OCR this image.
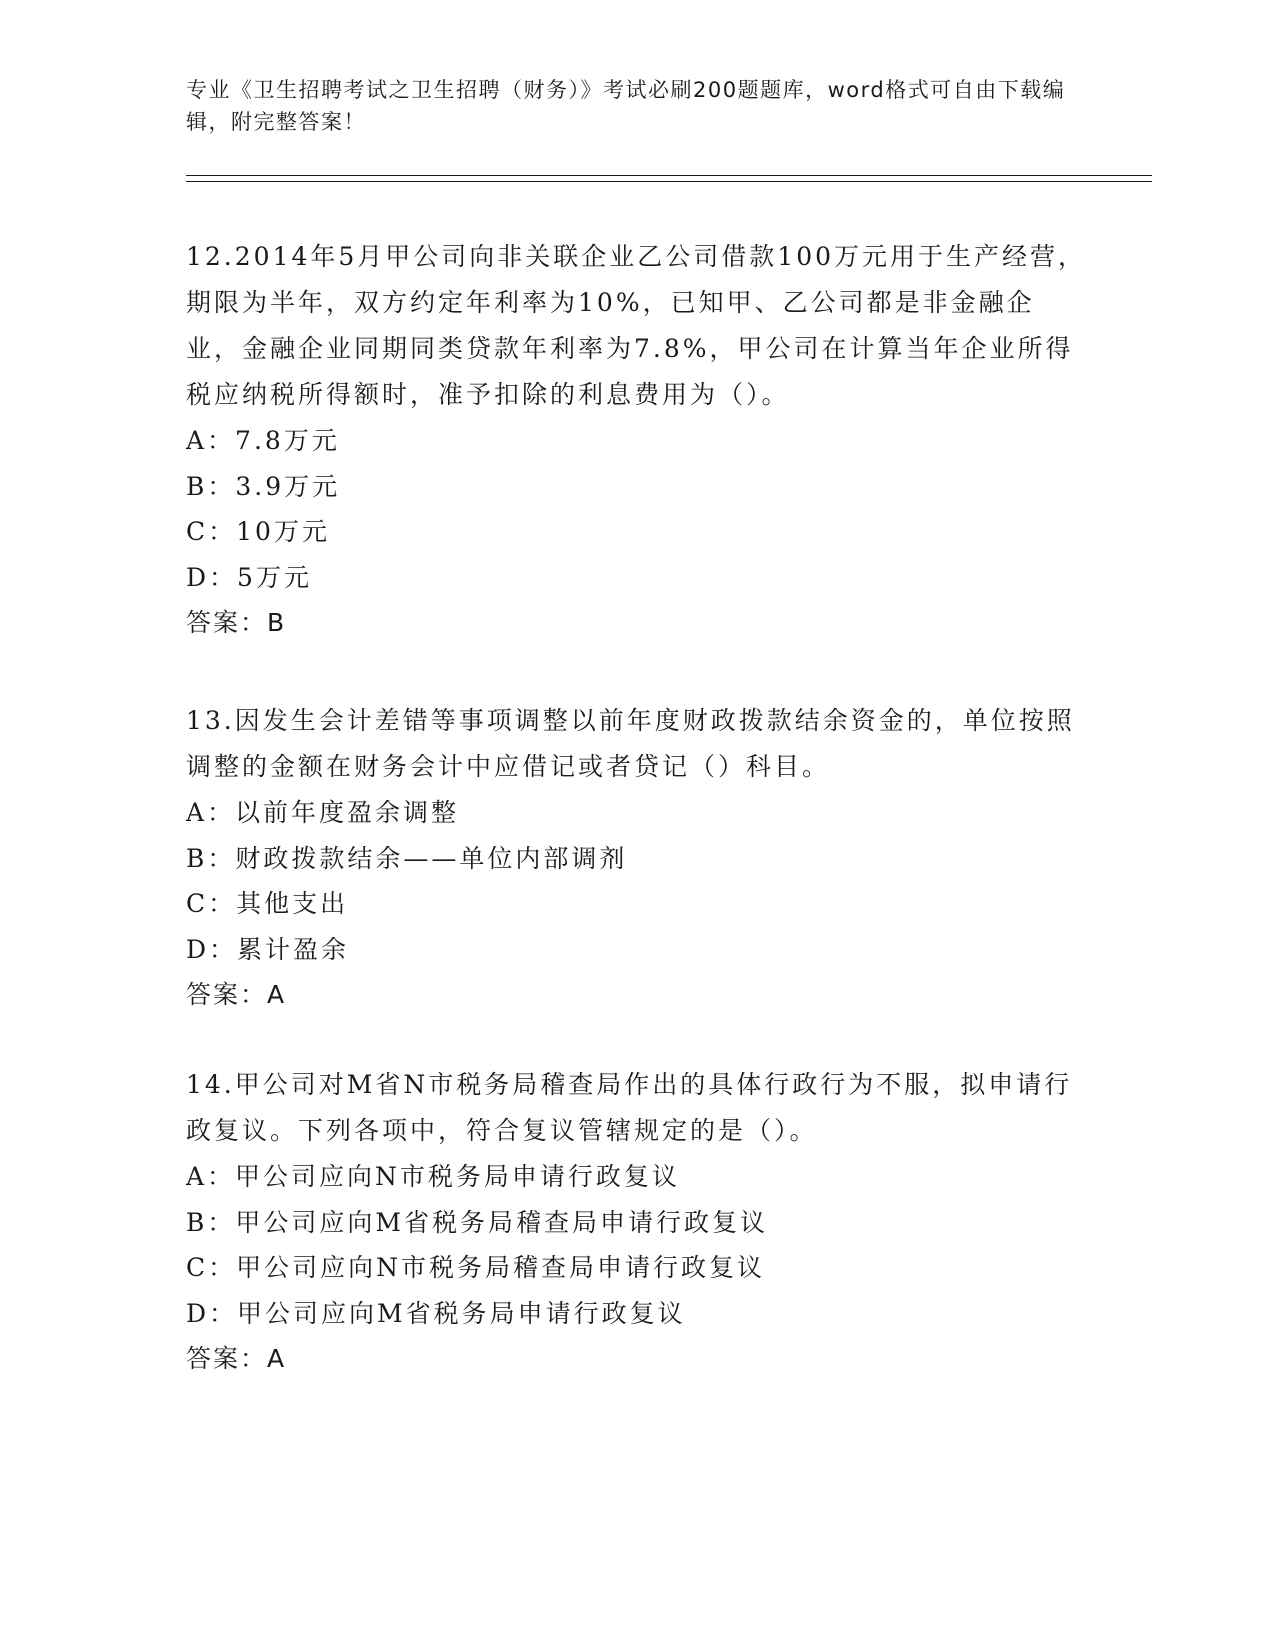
专业《卫生招聘考试之卫生招聘（财务）》考试必刷200题题库，word格式可自由下载编辑，附完整答案！

12.2014年5月甲公司向非关联企业乙公司借款100万元用于生产经营，期限为半年，双方约定年利率为10%，已知甲、乙公司都是非金融企业，金融企业同期同类贷款年利率为7.8%，甲公司在计算当年企业所得税应纳税所得额时，准予扣除的利息费用为（）。

A：7.8万元

B：3.9万元

C：10万元

D：5万元

答案：B

13.因发生会计差错等事项调整以前年度财政拨款结余资金的，单位按照调整的金额在财务会计中应借记或者贷记（）科目。

A：以前年度盈余调整

B：财政拨款结余——单位内部调剂

C：其他支出

D：累计盈余

答案：A

14.甲公司对M省N市税务局稽查局作出的具体行政行为不服，拟申请行政复议。下列各项中，符合复议管辖规定的是（）。

A：甲公司应向N市税务局申请行政复议

B：甲公司应向M省税务局稽查局申请行政复议

C：甲公司应向N市税务局稽查局申请行政复议

D：甲公司应向M省税务局申请行政复议

答案：A
